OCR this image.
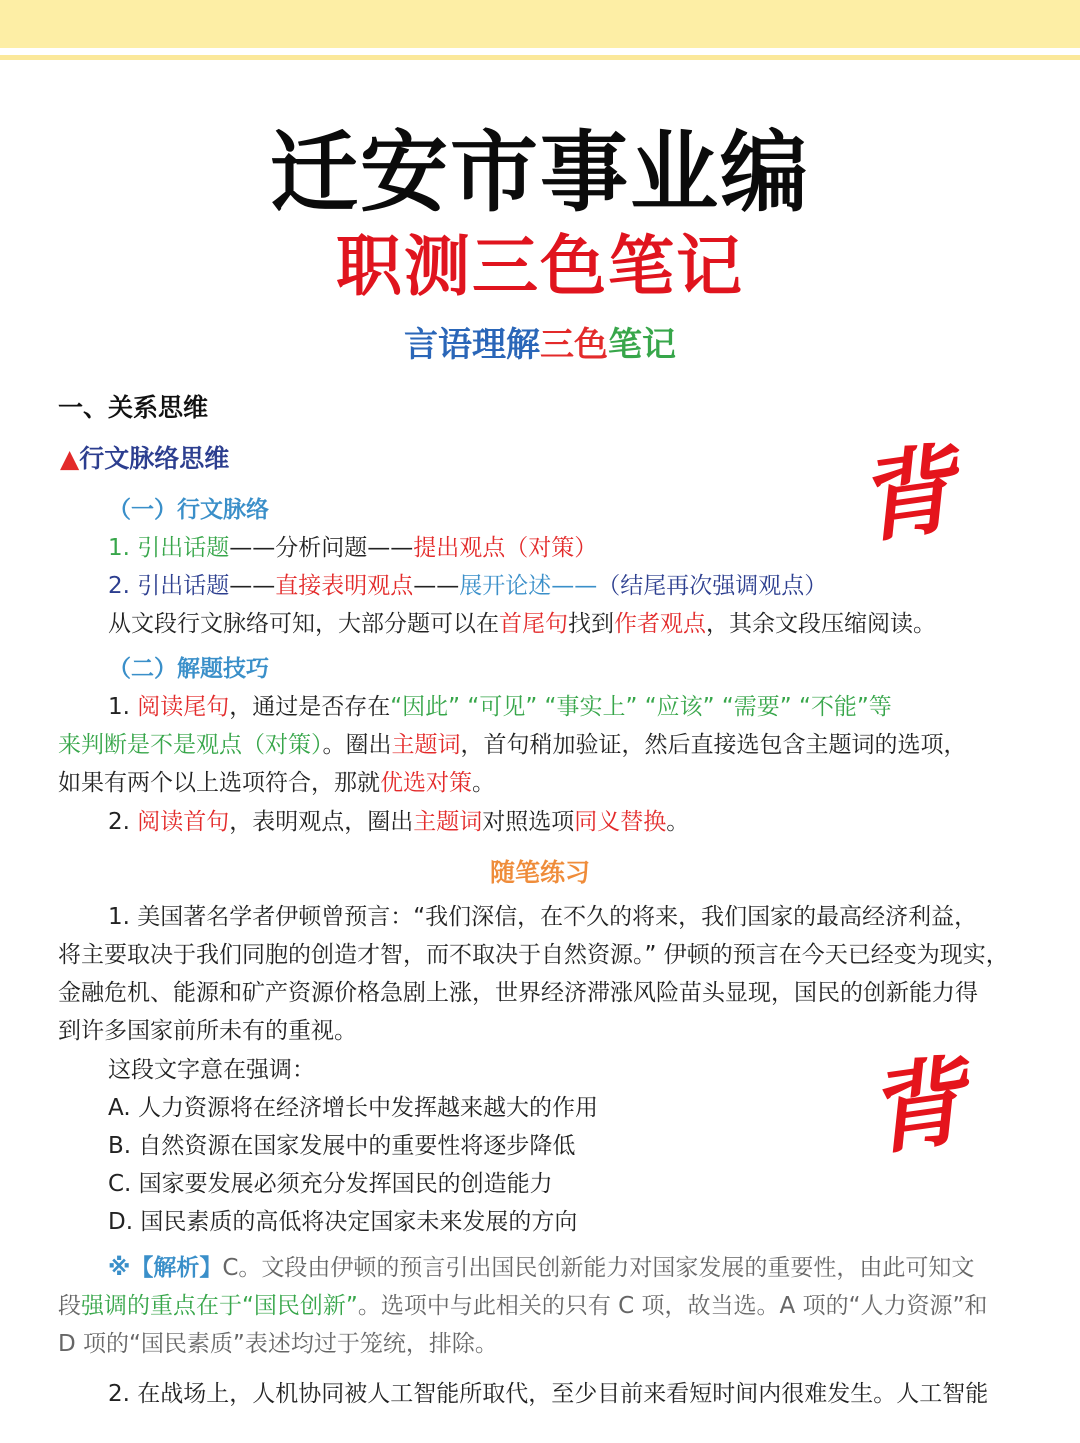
迁安市事业编
职测三色笔记
言语理解三色笔记
背
背
一、关系思维
▲行文脉络思维
（一）行文脉络
1. 引出话题——分析问题——提出观点（对策）
2. 引出话题——直接表明观点——展开论述——（结尾再次强调观点）
从文段行文脉络可知，大部分题可以在首尾句找到作者观点，其余文段压缩阅读。
（二）解题技巧
1. 阅读尾句，通过是否存在“因此” “可见” “事实上” “应该” “需要” “不能”等
来判断是不是观点（对策）。圈出主题词，首句稍加验证，然后直接选包含主题词的选项，
如果有两个以上选项符合，那就优选对策。
2. 阅读首句，表明观点，圈出主题词对照选项同义替换。
随笔练习
1. 美国著名学者伊顿曾预言：“我们深信，在不久的将来，我们国家的最高经济利益，
将主要取决于我们同胞的创造才智，而不取决于自然资源。” 伊顿的预言在今天已经变为现实，
金融危机、能源和矿产资源价格急剧上涨，世界经济滞涨风险苗头显现，国民的创新能力得
到许多国家前所未有的重视。
这段文字意在强调：
A. 人力资源将在经济增长中发挥越来越大的作用
B. 自然资源在国家发展中的重要性将逐步降低
C. 国家要发展必须充分发挥国民的创造能力
D. 国民素质的高低将决定国家未来发展的方向
※【解析】C。文段由伊顿的预言引出国民创新能力对国家发展的重要性，由此可知文
段强调的重点在于“国民创新”。选项中与此相关的只有 C 项，故当选。A 项的“人力资源”和
D 项的“国民素质”表述均过于笼统，排除。
2. 在战场上，人机协同被人工智能所取代，至少目前来看短时间内很难发生。人工智能
